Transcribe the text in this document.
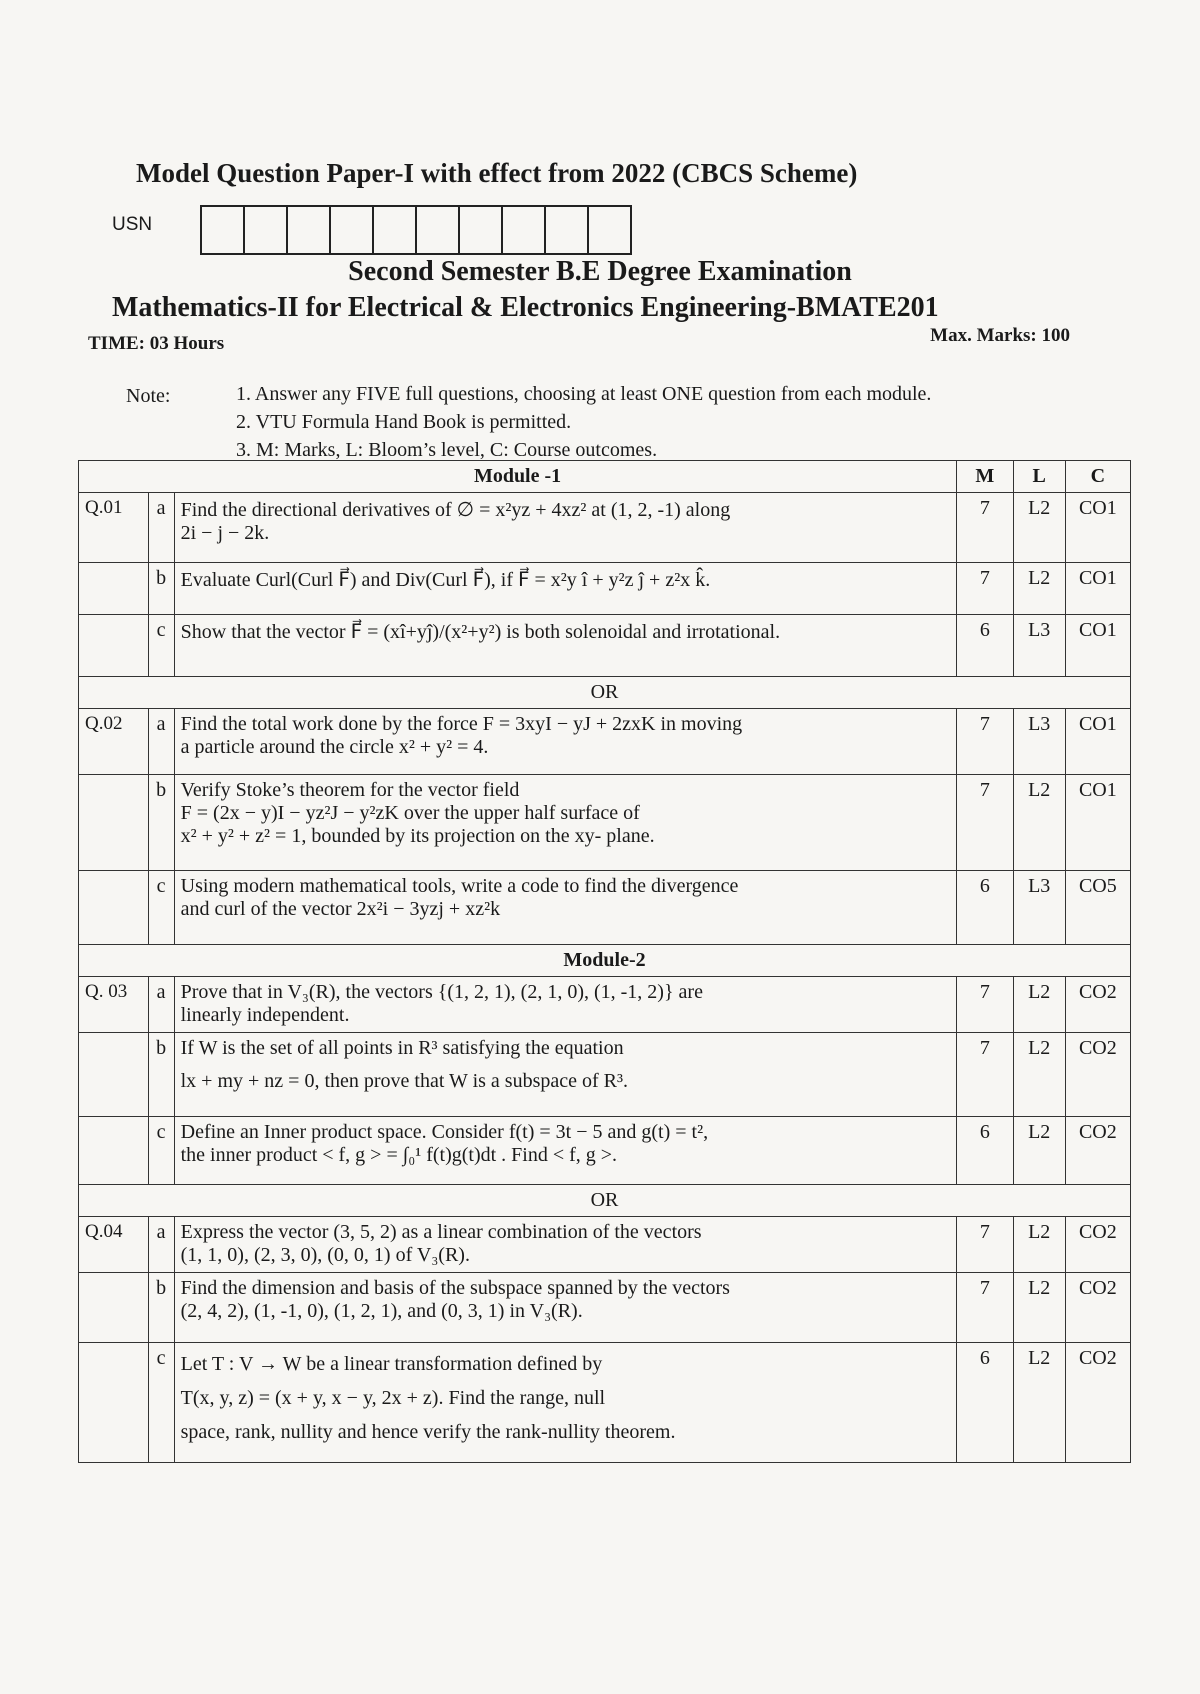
Model Question Paper-I with effect from 2022 (CBCS Scheme)
USN
Second Semester B.E Degree Examination
Mathematics-II for Electrical & Electronics Engineering-BMATE201
TIME: 03 Hours	Max. Marks: 100
Note:	1. Answer any FIVE full questions, choosing at least ONE question from each module.
2. VTU Formula Hand Book is permitted.
3. M: Marks, L: Bloom’s level, C: Course outcomes.
Module -1			M	L	C
Q.01	a	Find the directional derivatives of ∅ = x²yz + 4xz² at (1, 2, -1) along
2i − j − 2k.	7	L2	CO1
	b	Evaluate Curl(Curl F⃗) and Div(Curl F⃗), if F⃗ = x²y î + y²z ĵ + z²x k̂.	7	L2	CO1
	c	Show that the vector F⃗ = (xî+yĵ)/(x²+y²) is both solenoidal and irrotational.	6	L3	CO1
OR					
Q.02	a	Find the total work done by the force F = 3xyI − yJ + 2zxK in moving
a particle around the circle x² + y² = 4.	7	L3	CO1
	b	Verify Stoke’s theorem for the vector field
F = (2x − y)I − yz²J − y²zK over the upper half surface of
x² + y² + z² = 1, bounded by its projection on the xy- plane.	7	L2	CO1
	c	Using modern mathematical tools, write a code to find the divergence
and curl of the vector 2x²i − 3yzj + xz²k	6	L3	CO5
Module-2					
Q. 03	a	Prove that in V₃(R), the vectors {(1, 2, 1), (2, 1, 0), (1, -1, 2)} are
linearly independent.	7	L2	CO2
	b	If W is the set of all points in R³ satisfying the equation
lx + my + nz = 0, then prove that W is a subspace of R³.	7	L2	CO2
	c	Define an Inner product space. Consider f(t) = 3t − 5 and g(t) = t²,
the inner product < f, g > = ∫₀¹ f(t)g(t)dt . Find < f, g >.	6	L2	CO2
OR					
Q.04	a	Express the vector (3, 5, 2) as a linear combination of the vectors
(1, 1, 0), (2, 3, 0), (0, 0, 1) of V₃(R).	7	L2	CO2
	b	Find the dimension and basis of the subspace spanned by the vectors
(2, 4, 2), (1, -1, 0), (1, 2, 1), and (0, 3, 1) in V₃(R).	7	L2	CO2
	c	Let T : V → W be a linear transformation defined by
T(x, y, z) = (x + y, x − y, 2x + z). Find the range, null
space, rank, nullity and hence verify the rank-nullity theorem.	6	L2	CO2
